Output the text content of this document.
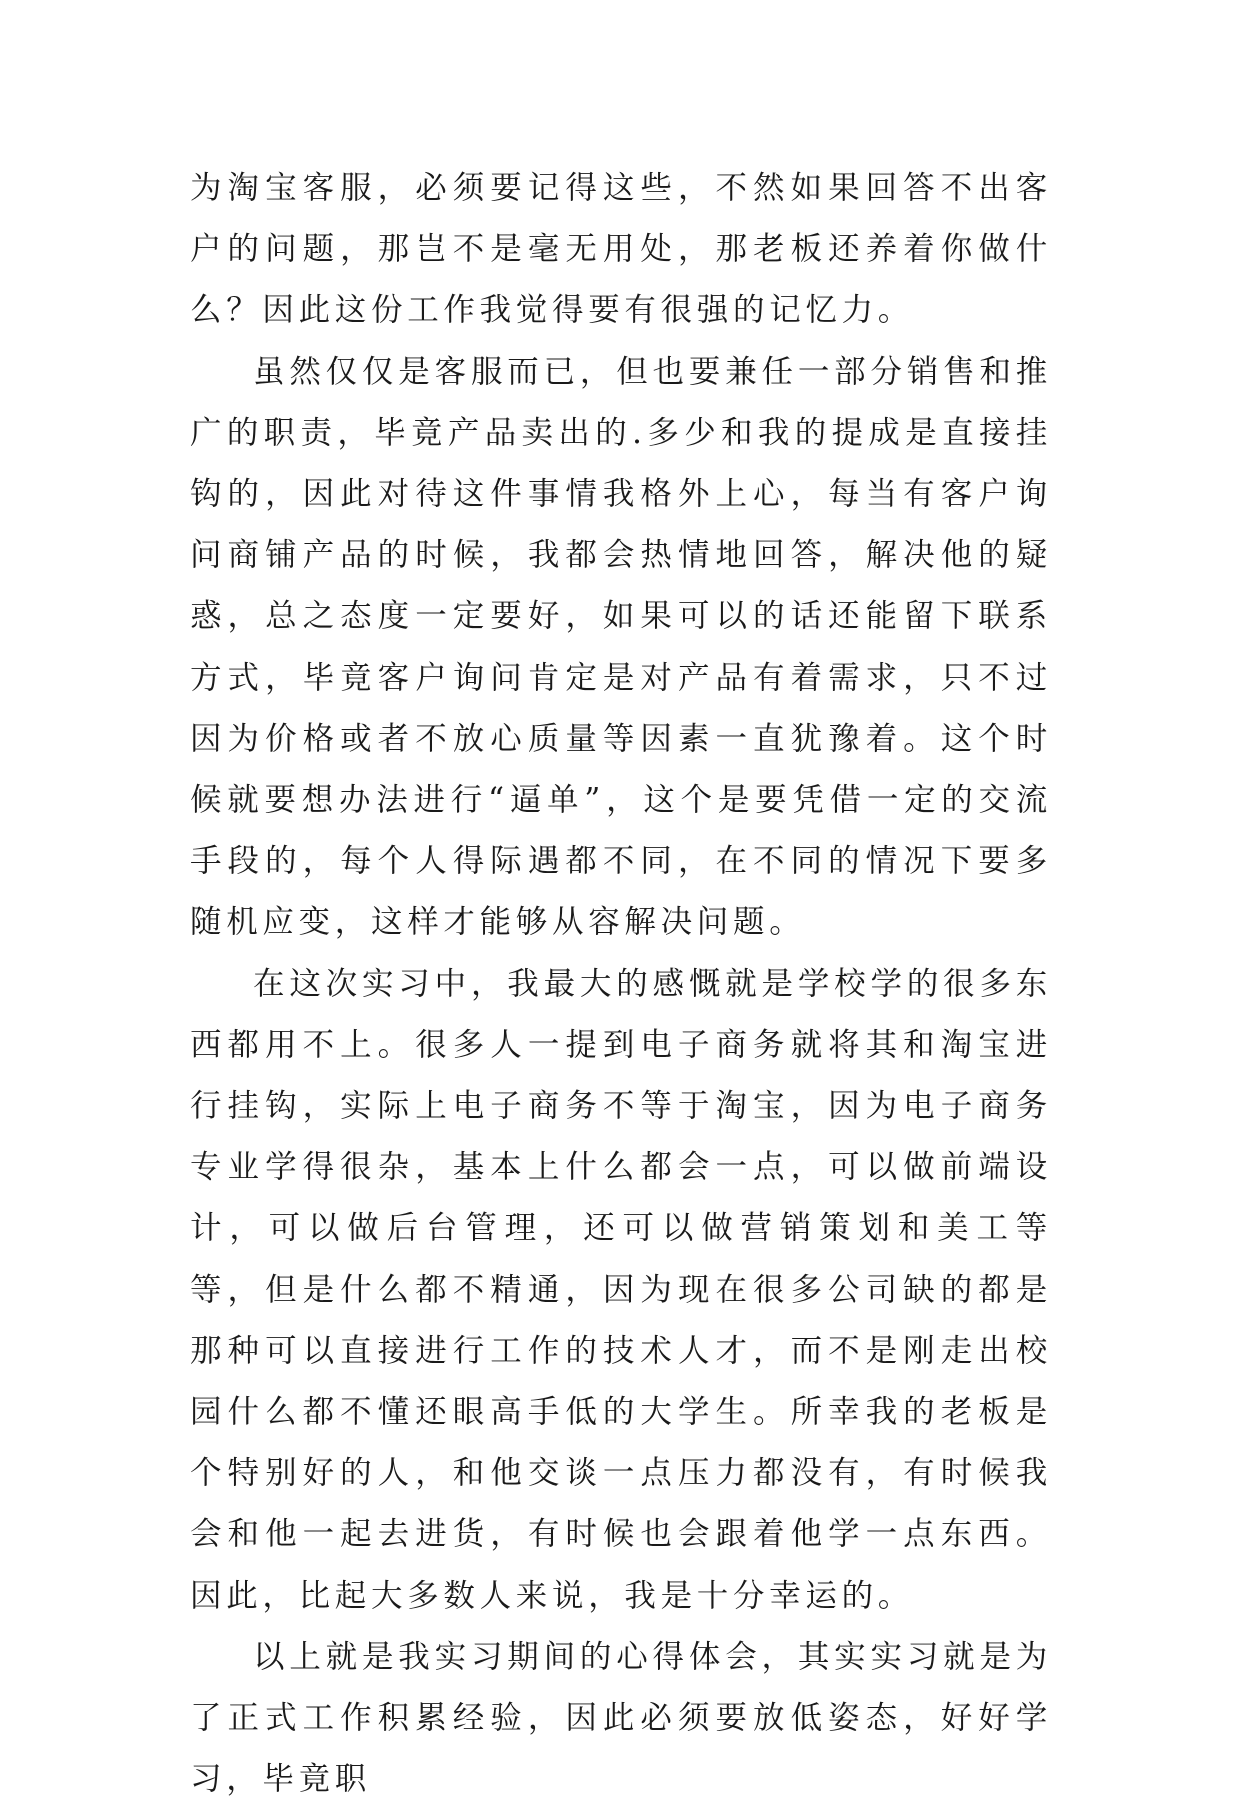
为淘宝客服，必须要记得这些，不然如果回答不出客户的问题，那岂不是毫无用处，那老板还养着你做什么？因此这份工作我觉得要有很强的记忆力。

虽然仅仅是客服而已，但也要兼任一部分销售和推广的职责，毕竟产品卖出的.多少和我的提成是直接挂钩的，因此对待这件事情我格外上心，每当有客户询问商铺产品的时候，我都会热情地回答，解决他的疑惑，总之态度一定要好，如果可以的话还能留下联系方式，毕竟客户询问肯定是对产品有着需求，只不过因为价格或者不放心质量等因素一直犹豫着。这个时候就要想办法进行“逼单”，这个是要凭借一定的交流手段的，每个人得际遇都不同，在不同的情况下要多随机应变，这样才能够从容解决问题。

在这次实习中，我最大的感慨就是学校学的很多东西都用不上。很多人一提到电子商务就将其和淘宝进行挂钩，实际上电子商务不等于淘宝，因为电子商务专业学得很杂，基本上什么都会一点，可以做前端设计，可以做后台管理，还可以做营销策划和美工等等，但是什么都不精通，因为现在很多公司缺的都是那种可以直接进行工作的技术人才，而不是刚走出校园什么都不懂还眼高手低的大学生。所幸我的老板是个特别好的人，和他交谈一点压力都没有，有时候我会和他一起去进货，有时候也会跟着他学一点东西。因此，比起大多数人来说，我是十分幸运的。

以上就是我实习期间的心得体会，其实实习就是为了正式工作积累经验，因此必须要放低姿态，好好学习，毕竟职
